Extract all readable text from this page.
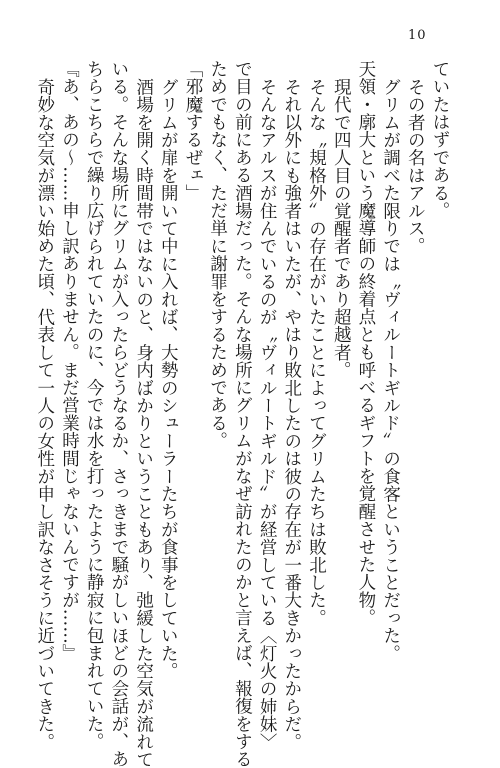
10

ていたはずである。

その者の名はアルス。

グリムが調べた限りでは〝ヴィルートギルド〟の食客ということだった。

天領・廓大という魔導師の終着点とも呼べるギフトを覚醒させた人物。

現代で四人目の覚醒者であり超越者。

そんな〝規格外〟の存在がいたことによってグリムたちは敗北した。

それ以外にも強者はいたが、やはり敗北したのは彼の存在が一番大きかったからだ。

そんなアルスが住んでいるのが〝ヴィルートギルド〟が経営している〈灯火の姉妹〉

で目の前にある酒場だった。そんな場所にグリムがなぜ訪れたのかと言えば、報復をする

ためでもなく、ただ単に謝罪をするためである。

「邪魔するぜェ」

グリムが扉を開いて中に入れば、大勢のシューラーたちが食事をしていた。

酒場を開く時間帯ではないのと、身内ばかりということもあり、弛緩した空気が流れて

いる。そんな場所にグリムが入ったらどうなるか、さっきまで騒がしいほどの会話が、あ

ちらこちらで繰り広げられていたのに、今では水を打ったように静寂に包まれていた。

『あ、あの～……申し訳ありません。まだ営業時間じゃないんですが……』

奇妙な空気が漂い始めた頃、代表して一人の女性が申し訳なさそうに近づいてきた。
